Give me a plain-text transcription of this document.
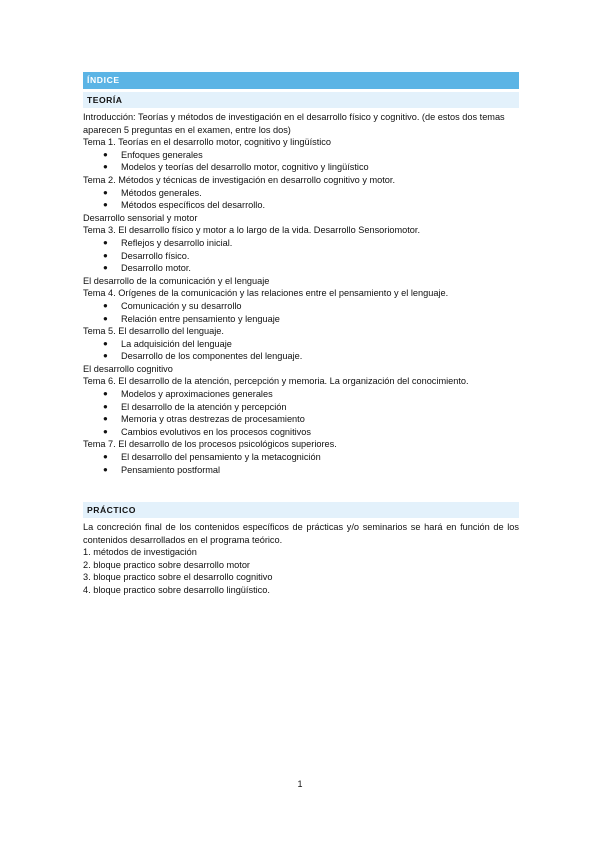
ÍNDICE
TEORÍA
Introducción: Teorías y métodos de investigación en el desarrollo físico y cognitivo. (de estos dos temas aparecen 5 preguntas en el examen, entre los dos)
Tema 1. Teorías en el desarrollo motor, cognitivo y lingüístico
●	Enfoques generales
●	Modelos y teorías del desarrollo motor, cognitivo y lingüístico
Tema 2. Métodos y técnicas de investigación en desarrollo cognitivo y motor.
●	Métodos generales.
●	Métodos específicos del desarrollo.
Desarrollo sensorial y motor
Tema 3. El desarrollo físico y motor a lo largo de la vida. Desarrollo Sensoriomotor.
●	Reflejos y desarrollo inicial.
●	Desarrollo físico.
●	Desarrollo motor.
El desarrollo de la comunicación y el lenguaje
Tema 4. Orígenes de la comunicación y las relaciones entre el pensamiento y el lenguaje.
●	Comunicación y su desarrollo
●	Relación entre pensamiento y lenguaje
Tema 5. El desarrollo del lenguaje.
●	La adquisición del lenguaje
●	Desarrollo de los componentes del lenguaje.
El desarrollo cognitivo
Tema 6. El desarrollo de la atención, percepción y memoria. La organización del conocimiento.
●	Modelos y aproximaciones generales
●	El desarrollo de la atención y percepción
●	Memoria y otras destrezas de procesamiento
●	Cambios evolutivos en los procesos cognitivos
Tema 7. El desarrollo de los procesos psicológicos superiores.
●	El desarrollo del pensamiento y la metacognición
●	Pensamiento postformal
PRÁCTICO
La concreción final de los contenidos específicos de prácticas y/o seminarios se hará en función de los contenidos desarrollados en el programa teórico.
1. métodos de investigación
2. bloque practico sobre desarrollo motor
3. bloque practico sobre el desarrollo cognitivo
4. bloque practico sobre desarrollo lingüístico.
1
